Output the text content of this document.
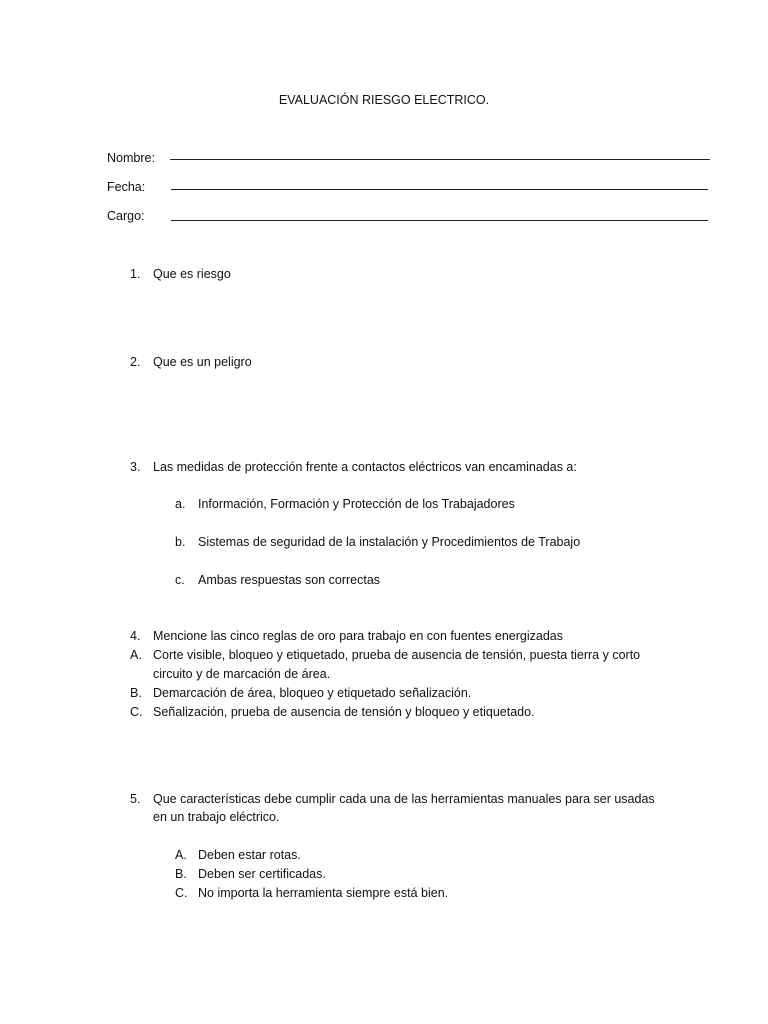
EVALUACIÓN RIESGO ELECTRICO.
Nombre:
Fecha:
Cargo:
1. Que es riesgo
2. Que es un peligro
3. Las medidas de protección frente a contactos eléctricos van encaminadas a:
a. Información, Formación y Protección de los Trabajadores
b. Sistemas de seguridad de la instalación y Procedimientos de Trabajo
c. Ambas respuestas son correctas
4. Mencione las cinco reglas de oro para trabajo en con fuentes energizadas
A. Corte visible, bloqueo y etiquetado, prueba de ausencia de tensión, puesta tierra y corto
circuito y de marcación de área.
B. Demarcación de área, bloqueo y etiquetado señalización.
C. Señalización, prueba de ausencia de tensión y bloqueo y etiquetado.
5. Que características debe cumplir cada una de las herramientas manuales para ser usadas
en un trabajo eléctrico.
A. Deben estar rotas.
B. Deben ser certificadas.
C. No importa la herramienta siempre está bien.
